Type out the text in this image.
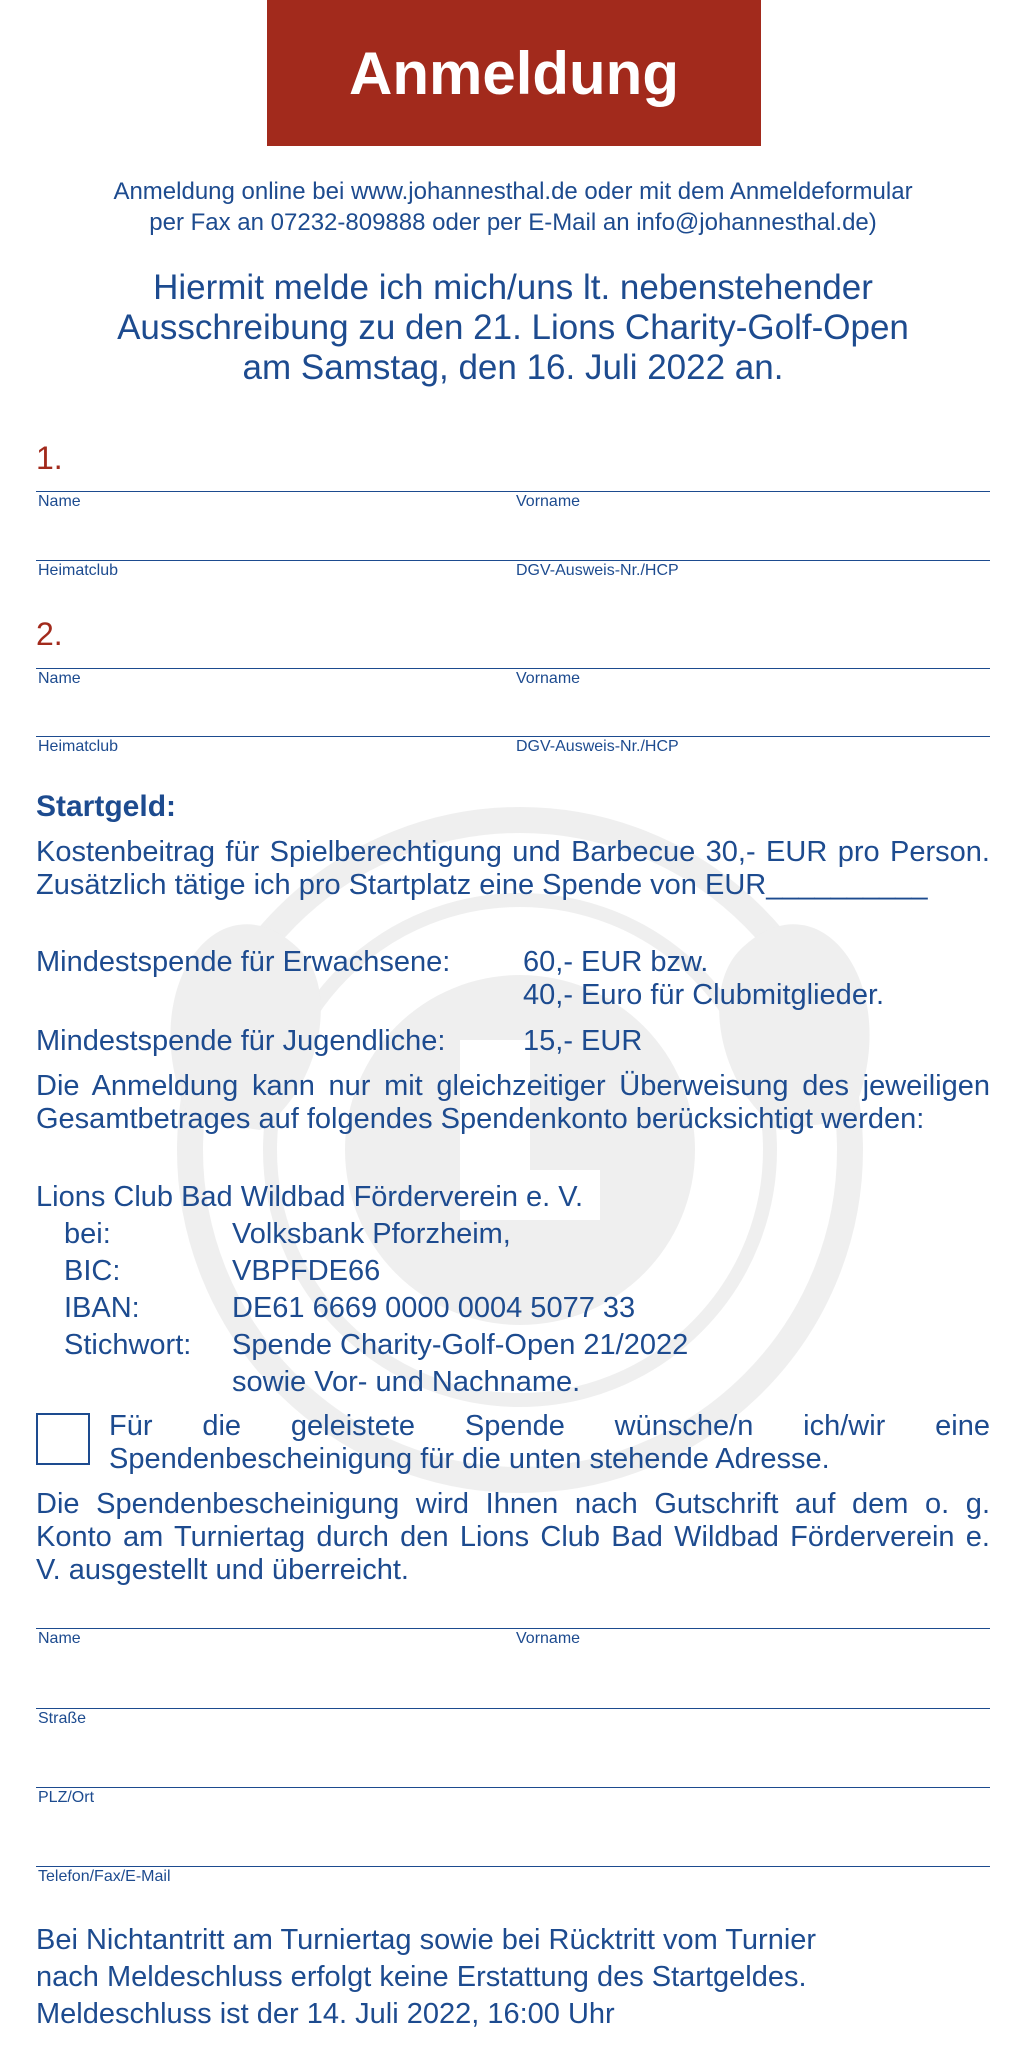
Anmeldung
Anmeldung online bei www.johannesthal.de oder mit dem Anmeldeformular
per Fax an 07232-809888 oder per E-Mail an info@johannesthal.de)
Hiermit melde ich mich/uns lt. nebenstehender
Ausschreibung zu den 21. Lions Charity-Golf-Open
am Samstag, den 16. Juli 2022 an.
1.
Name	Vorname
Heimatclub	DGV-Ausweis-Nr./HCP
2.
Name	Vorname
Heimatclub	DGV-Ausweis-Nr./HCP
Startgeld:
Kostenbeitrag für Spielberechtigung und Barbecue 30,- EUR pro Person. Zusätzlich tätige ich pro Startplatz eine Spende von EUR__________
Mindestspende für Erwachsene:	60,- EUR bzw.
40,- Euro für Clubmitglieder.
Mindestspende für Jugendliche:	15,- EUR
Die Anmeldung kann nur mit gleichzeitiger Überweisung des jeweiligen Gesamtbetrages auf folgendes Spendenkonto berücksichtigt werden:
Lions Club Bad Wildbad Förderverein e. V.
bei:	Volksbank Pforzheim,
BIC:	VBPFDE66
IBAN:	DE61 6669 0000 0004 5077 33
Stichwort: Spende Charity-Golf-Open 21/2022
sowie Vor- und Nachname.
Für die geleistete Spende wünsche/n ich/wir eine Spendenbescheinigung für die unten stehende Adresse.
Die Spendenbescheinigung wird Ihnen nach Gutschrift auf dem o. g. Konto am Turniertag durch den Lions Club Bad Wildbad Förderverein e. V. ausgestellt und überreicht.
Name	Vorname
Straße
PLZ/Ort
Telefon/Fax/E-Mail
Bei Nichtantritt am Turniertag sowie bei Rücktritt vom Turnier
nach Meldeschluss erfolgt keine Erstattung des Startgeldes.
Meldeschluss ist der 14. Juli 2022, 16:00 Uhr
